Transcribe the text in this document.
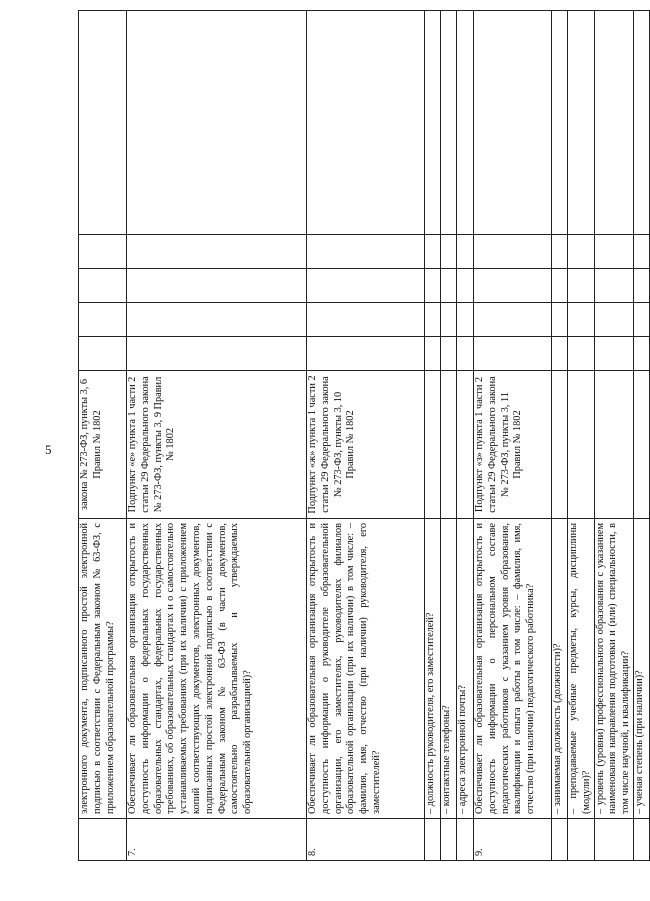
5
	электронного документа, подписанного простой электронной подписью в соответствии с Федеральным законом № 63-ФЗ, с приложением образовательной программы?	закона № 273-ФЗ, пункты 3, 6 Правил № 1802					
7.	Обеспечивает ли образовательная организация открытость и доступность информации о федеральных государственных образовательных стандартах, федеральных государственных требованиях, об образовательных стандартах и о самостоятельно устанавливаемых требованиях (при их наличии) с приложением копий соответствующих документов, электронных документов, подписанных простой электронной подписью в соответствии с Федеральным законом № 63-ФЗ (в части документов, самостоятельно разрабатываемых и утверждаемых образовательной организацией)?	Подпункт «е» пункта 1 части 2 статьи 29 Федерального закона № 273-ФЗ, пункты 3, 9 Правил № 1802					
8.	Обеспечивает ли образовательная организация открытость и доступность информации о руководителе образовательной организации, его заместителях, руководителях филиалов образовательной организации (при их наличии) в том числе: – фамилия, имя, отчество (при наличии) руководителя, его заместителей?	Подпункт «ж» пункта 1 части 2 статьи 29 Федерального закона № 273-ФЗ, пункты 3, 10 Правил № 1802					
	– должность руководителя, его заместителей?						
	– контактные телефоны?						
	– адреса электронной почты?						
9.	Обеспечивает ли образовательная организация открытость и доступность информации о персональном составе педагогических работников с указанием уровня образования, квалификации и опыта работы в том числе: – фамилия, имя, отчество (при наличии) педагогического работника?	Подпункт «з» пункта 1 части 2 статьи 29 Федерального закона № 273-ФЗ, пункты 3, 11 Правил № 1802					
	– занимаемая должность (должности)?						
	– преподаваемые учебные предметы, курсы, дисциплины (модули)?						
	– уровень (уровни) профессионального образования с указанием наименования направления подготовки и (или) специальности, в том числе научной, и квалификации?						
	– ученая степень (при наличии)?						
